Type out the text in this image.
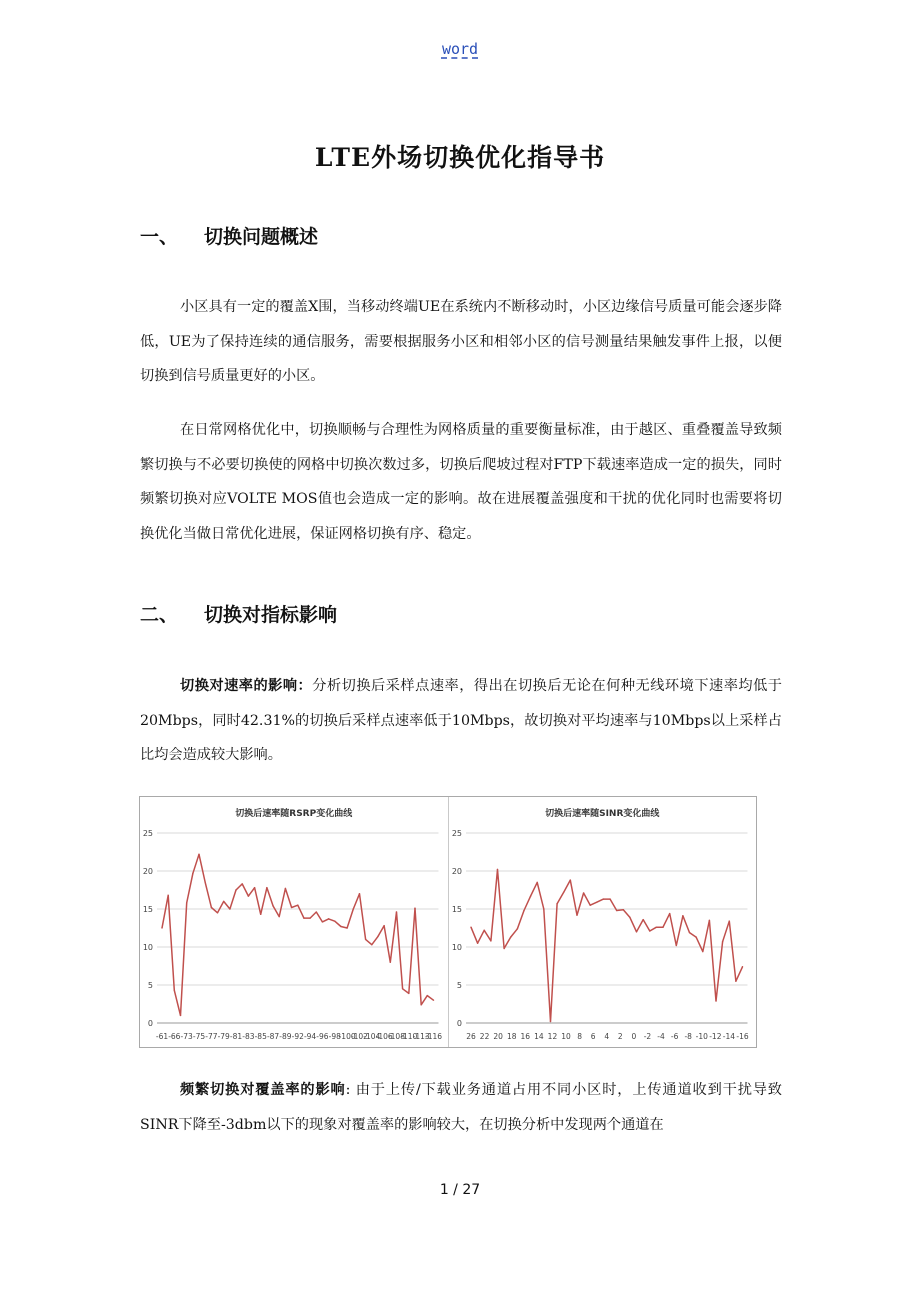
word
LTE外场切换优化指导书
一、 切换问题概述

小区具有一定的覆盖X围，当移动终端UE在系统内不断移动时，小区边缘信号质量可能会逐步降低，UE为了保持连续的通信服务，需要根据服务小区和相邻小区的信号测量结果触发事件上报，以便切换到信号质量更好的小区。

在日常网格优化中，切换顺畅与合理性为网格质量的重要衡量标准，由于越区、重叠覆盖导致频繁切换与不必要切换使的网格中切换次数过多，切换后爬坡过程对FTP下载速率造成一定的损失，同时频繁切换对应VOLTE MOS值也会造成一定的影响。故在进展覆盖强度和干扰的优化同时也需要将切换优化当做日常优化进展，保证网格切换有序、稳定。

二、 切换对指标影响

切换对速率的影响：分析切换后采样点速率，得出在切换后无论在何种无线环境下速率均低于20Mbps，同时42.31%的切换后采样点速率低于10Mbps，故切换对平均速率与10Mbps以上采样占比均会造成较大影响。

25
20
15
10
5
0
-61 -66 -73 -75 -77 -79 -81 -83 -85 -87 -89 -92 -94 -96 -98
-100
-102
-104
-106
-108
-110
-113
-116
切换后速率随RSRP变化曲线
25
20
15
10
5
0
26 22 20 18 16 14 12 10 8 6 4 2 0 -2 -4 -6 -8 -10 -12 -14 -16
切换后速率随SINR变化曲线

频繁切换对覆盖率的影响: 由于上传/下载业务通道占用不同小区时，上传通道收到干扰导致SINR下降至-3dbm以下的现象对覆盖率的影响较大，在切换分析中发现两个通道在

1 / 27
